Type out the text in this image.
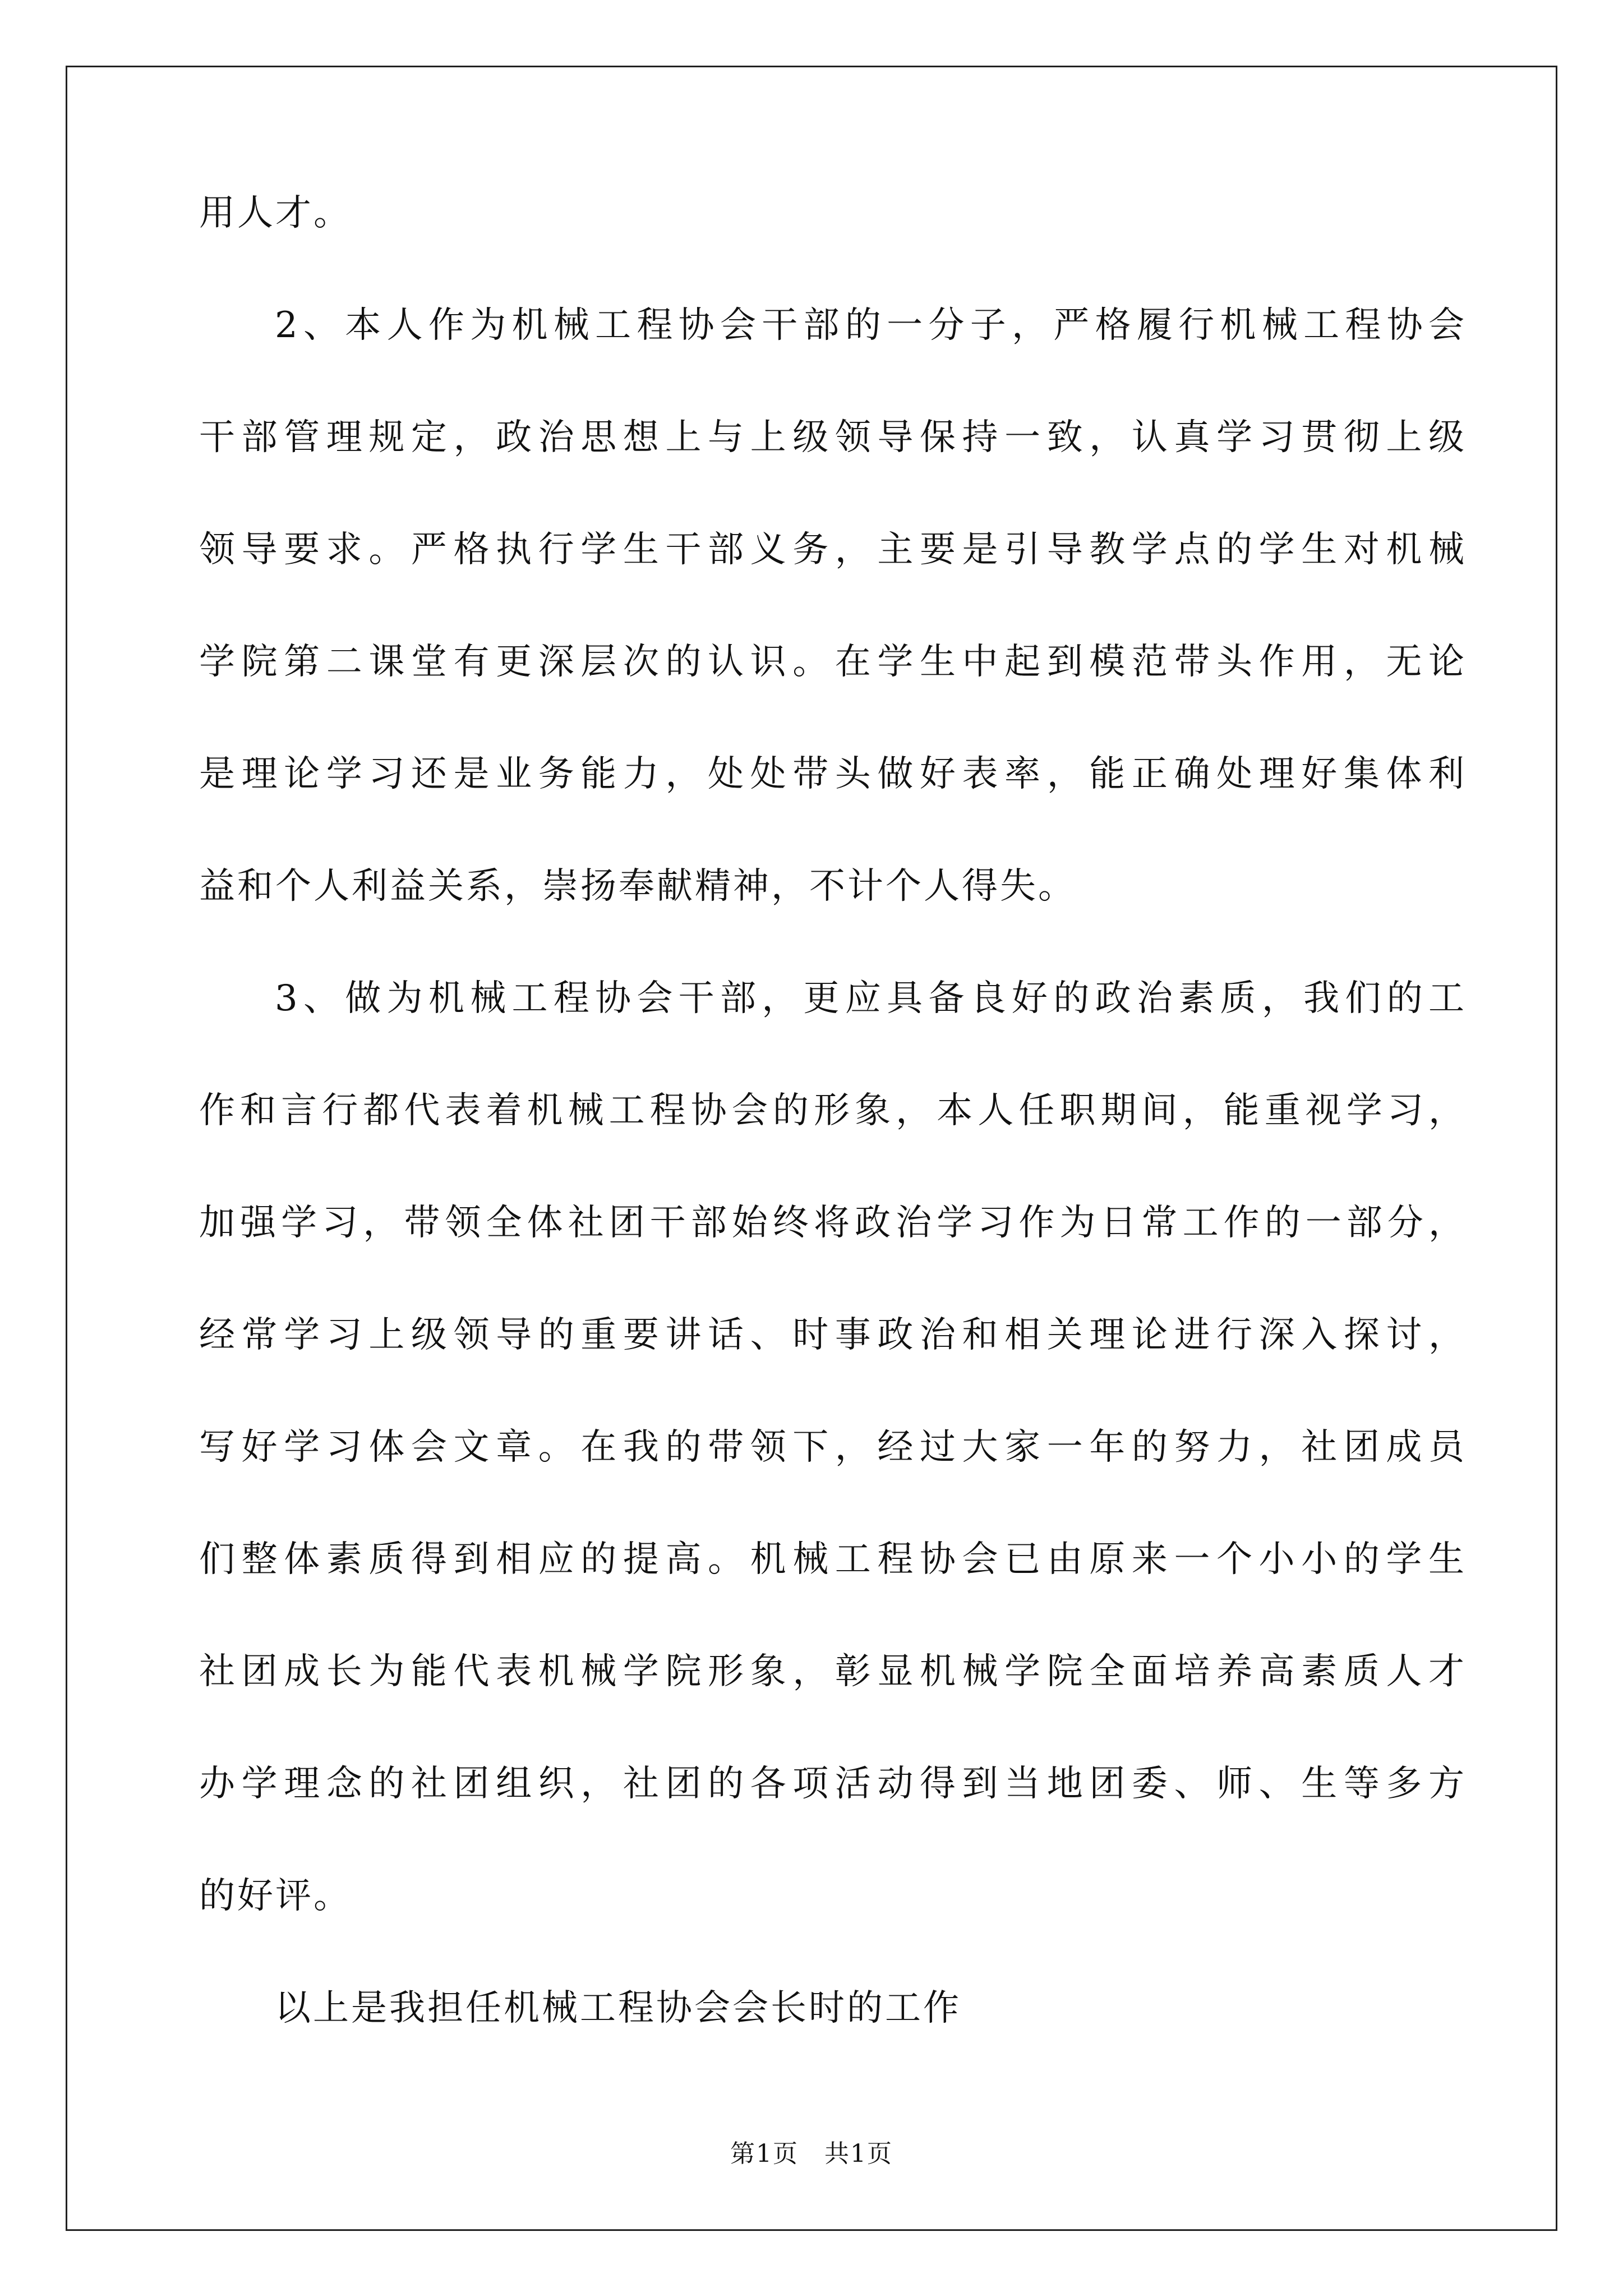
用人才。
2、本人作为机械工程协会干部的一分子，严格履行机械工程协会
干部管理规定，政治思想上与上级领导保持一致，认真学习贯彻上级
领导要求。严格执行学生干部义务，主要是引导教学点的学生对机械
学院第二课堂有更深层次的认识。在学生中起到模范带头作用，无论
是理论学习还是业务能力，处处带头做好表率，能正确处理好集体利
益和个人利益关系，崇扬奉献精神，不计个人得失。
3、做为机械工程协会干部，更应具备良好的政治素质，我们的工
作和言行都代表着机械工程协会的形象，本人任职期间，能重视学习，
加强学习，带领全体社团干部始终将政治学习作为日常工作的一部分，
经常学习上级领导的重要讲话、时事政治和相关理论进行深入探讨，
写好学习体会文章。在我的带领下，经过大家一年的努力，社团成员
们整体素质得到相应的提高。机械工程协会已由原来一个小小的学生
社团成长为能代表机械学院形象，彰显机械学院全面培养高素质人才
办学理念的社团组织，社团的各项活动得到当地团委、师、生等多方
的好评。
以上是我担任机械工程协会会长时的工作
第1页　共1页
